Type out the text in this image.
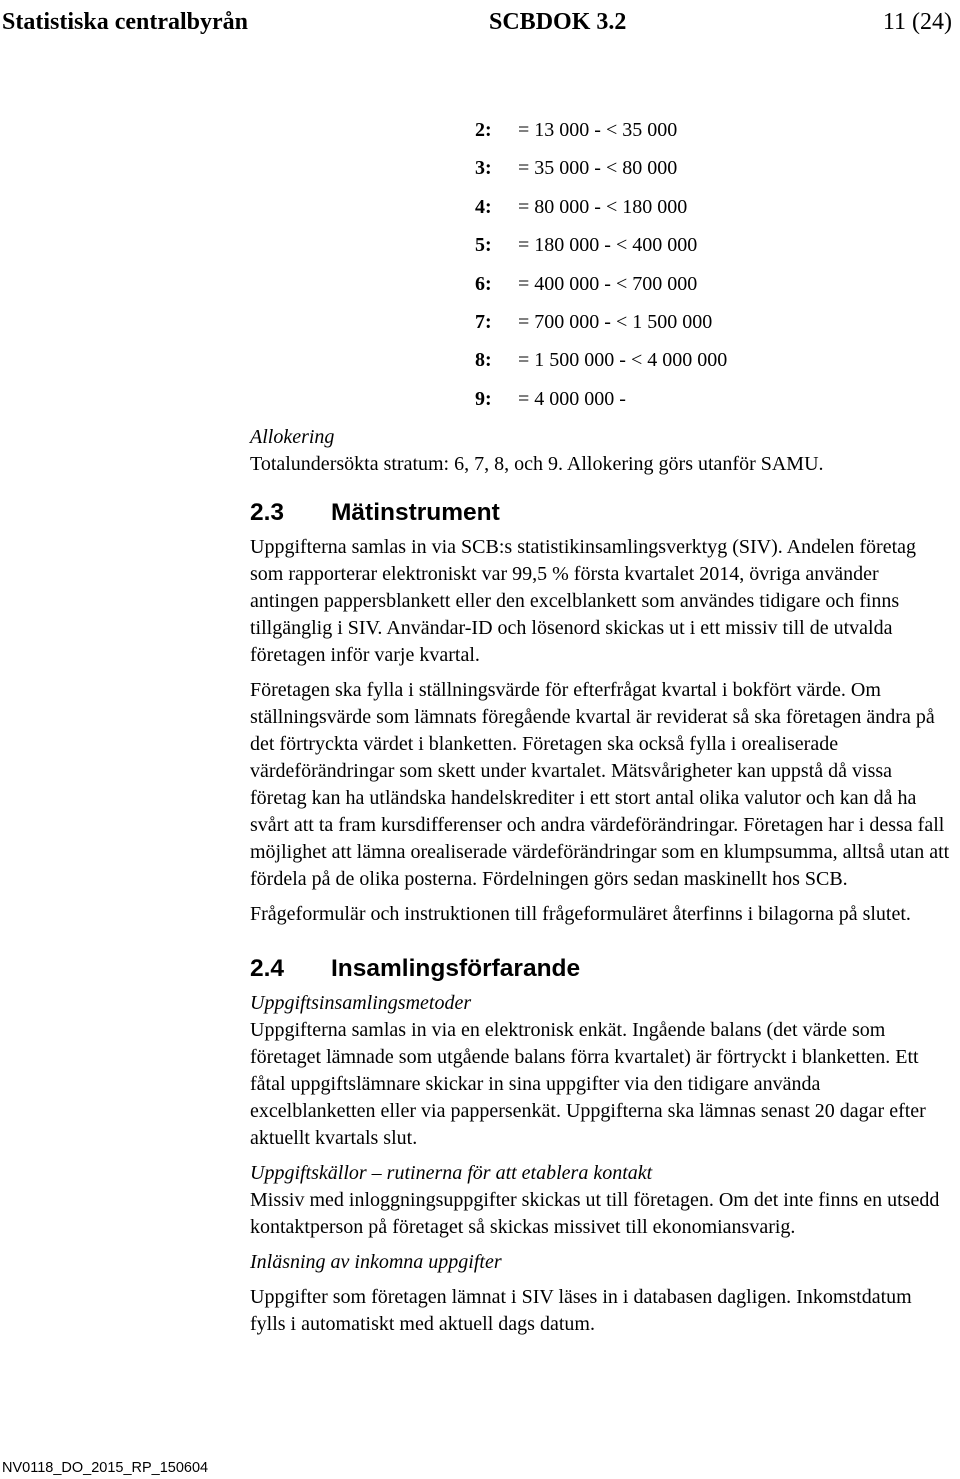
Statistiska centralbyrån	SCBDOK 3.2	11 (24)
2: = 13 000 - < 35 000
3: = 35 000 - < 80 000
4: = 80 000 - < 180 000
5: = 180 000 - < 400 000
6: = 400 000 - < 700 000
7: = 700 000 - < 1 500 000
8: = 1 500 000 - < 4 000 000
9: = 4 000 000 -
Allokering
Totalundersökta stratum: 6, 7, 8, och 9. Allokering görs utanför SAMU.
2.3 Mätinstrument

Uppgifterna samlas in via SCB:s statistikinsamlingsverktyg (SIV). Andelen företag som rapporterar elektroniskt var 99,5 % första kvartalet 2014, övriga använder antingen pappersblankett eller den excelblankett som användes tidigare och finns tillgänglig i SIV. Användar-ID och lösenord skickas ut i ett missiv till de utvalda företagen inför varje kvartal.

Företagen ska fylla i ställningsvärde för efterfrågat kvartal i bokfört värde. Om ställningsvärde som lämnats föregående kvartal är reviderat så ska företagen ändra på det förtryckta värdet i blanketten. Företagen ska också fylla i orealiserade värdeförändringar som skett under kvartalet. Mätsvårigheter kan uppstå då vissa företag kan ha utländska handelskrediter i ett stort antal olika valutor och kan då ha svårt att ta fram kursdifferenser och andra värdeförändringar. Företagen har i dessa fall möjlighet att lämna orealiserade värdeförändringar som en klumpsumma, alltså utan att fördela på de olika posterna. Fördelningen görs sedan maskinellt hos SCB.

Frågeformulär och instruktionen till frågeformuläret återfinns i bilagorna på slutet.

2.4 Insamlingsförfarande

Uppgiftsinsamlingsmetoder

Uppgifterna samlas in via en elektronisk enkät. Ingående balans (det värde som företaget lämnade som utgående balans förra kvartalet) är förtryckt i blanketten. Ett fåtal uppgiftslämnare skickar in sina uppgifter via den tidigare använda excelblanketten eller via pappersenkät. Uppgifterna ska lämnas senast 20 dagar efter aktuellt kvartals slut.

Uppgiftskällor – rutinerna för att etablera kontakt

Missiv med inloggningsuppgifter skickas ut till företagen. Om det inte finns en utsedd kontaktperson på företaget så skickas missivet till ekonomiansvarig.

Inläsning av inkomna uppgifter

Uppgifter som företagen lämnat i SIV läses in i databasen dagligen. Inkomstdatum fylls i automatiskt med aktuell dags datum.

NV0118_DO_2015_RP_150604
